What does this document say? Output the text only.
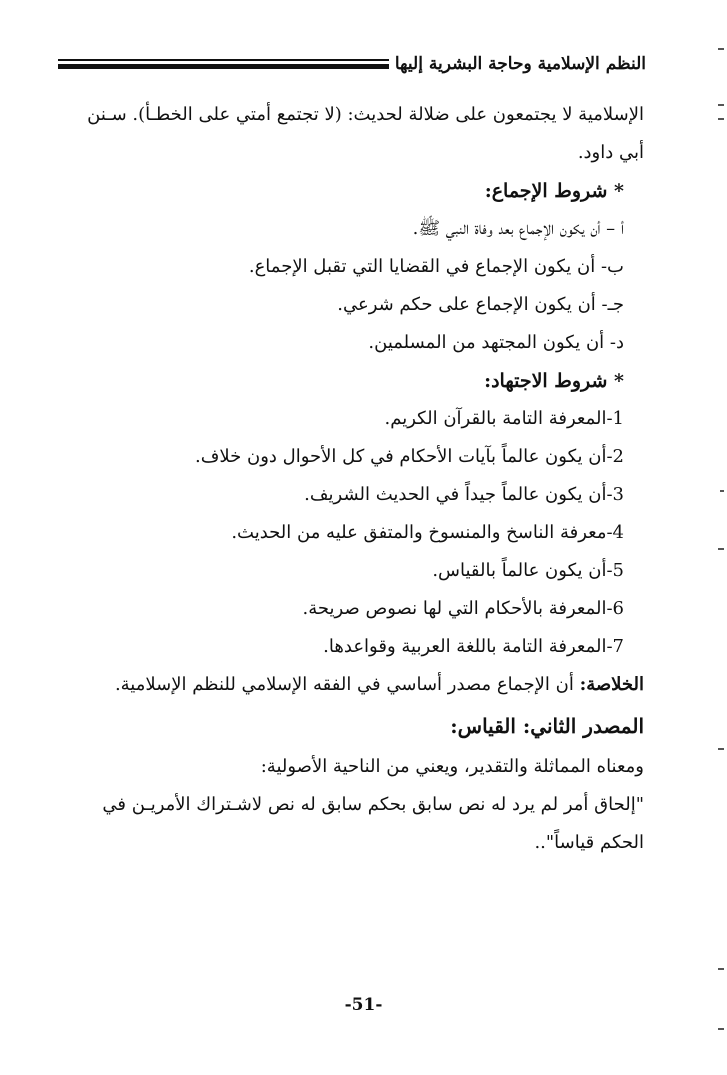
النظم الإسلامية وحاجة البشرية إليها
الإسلامية لا يجتمعون على ضلالة لحديث: (لا تجتمع أمتي على الخطـأ). سـنن
أبي داود.
* شروط الإجماع:
أ – أن يكون الإجماع بعد وفاة النبي ﷺ.
ب- أن يكون الإجماع في القضايا التي تقبل الإجماع.
جـ- أن يكون الإجماع على حكم شرعي.
د- أن يكون المجتهد من المسلمين.
* شروط الاجتهاد:
1-المعرفة التامة بالقرآن الكريم.
2-أن يكون عالماً بآيات الأحكام في كل الأحوال دون خلاف.
3-أن يكون عالماً جيداً في الحديث الشريف.
4-معرفة الناسخ والمنسوخ والمتفق عليه من الحديث.
5-أن يكون عالماً بالقياس.
6-المعرفة بالأحكام التي لها نصوص صريحة.
7-المعرفة التامة باللغة العربية وقواعدها.
الخلاصة: أن الإجماع مصدر أساسي في الفقه الإسلامي للنظم الإسلامية.
المصدر الثاني: القياس:
ومعناه المماثلة والتقدير، ويعني من الناحية الأصولية:
"إلحاق أمر لم يرد له نص سابق بحكم سابق له نص لاشـتراك الأمريـن في
الحكم قياساً"..
-51-
